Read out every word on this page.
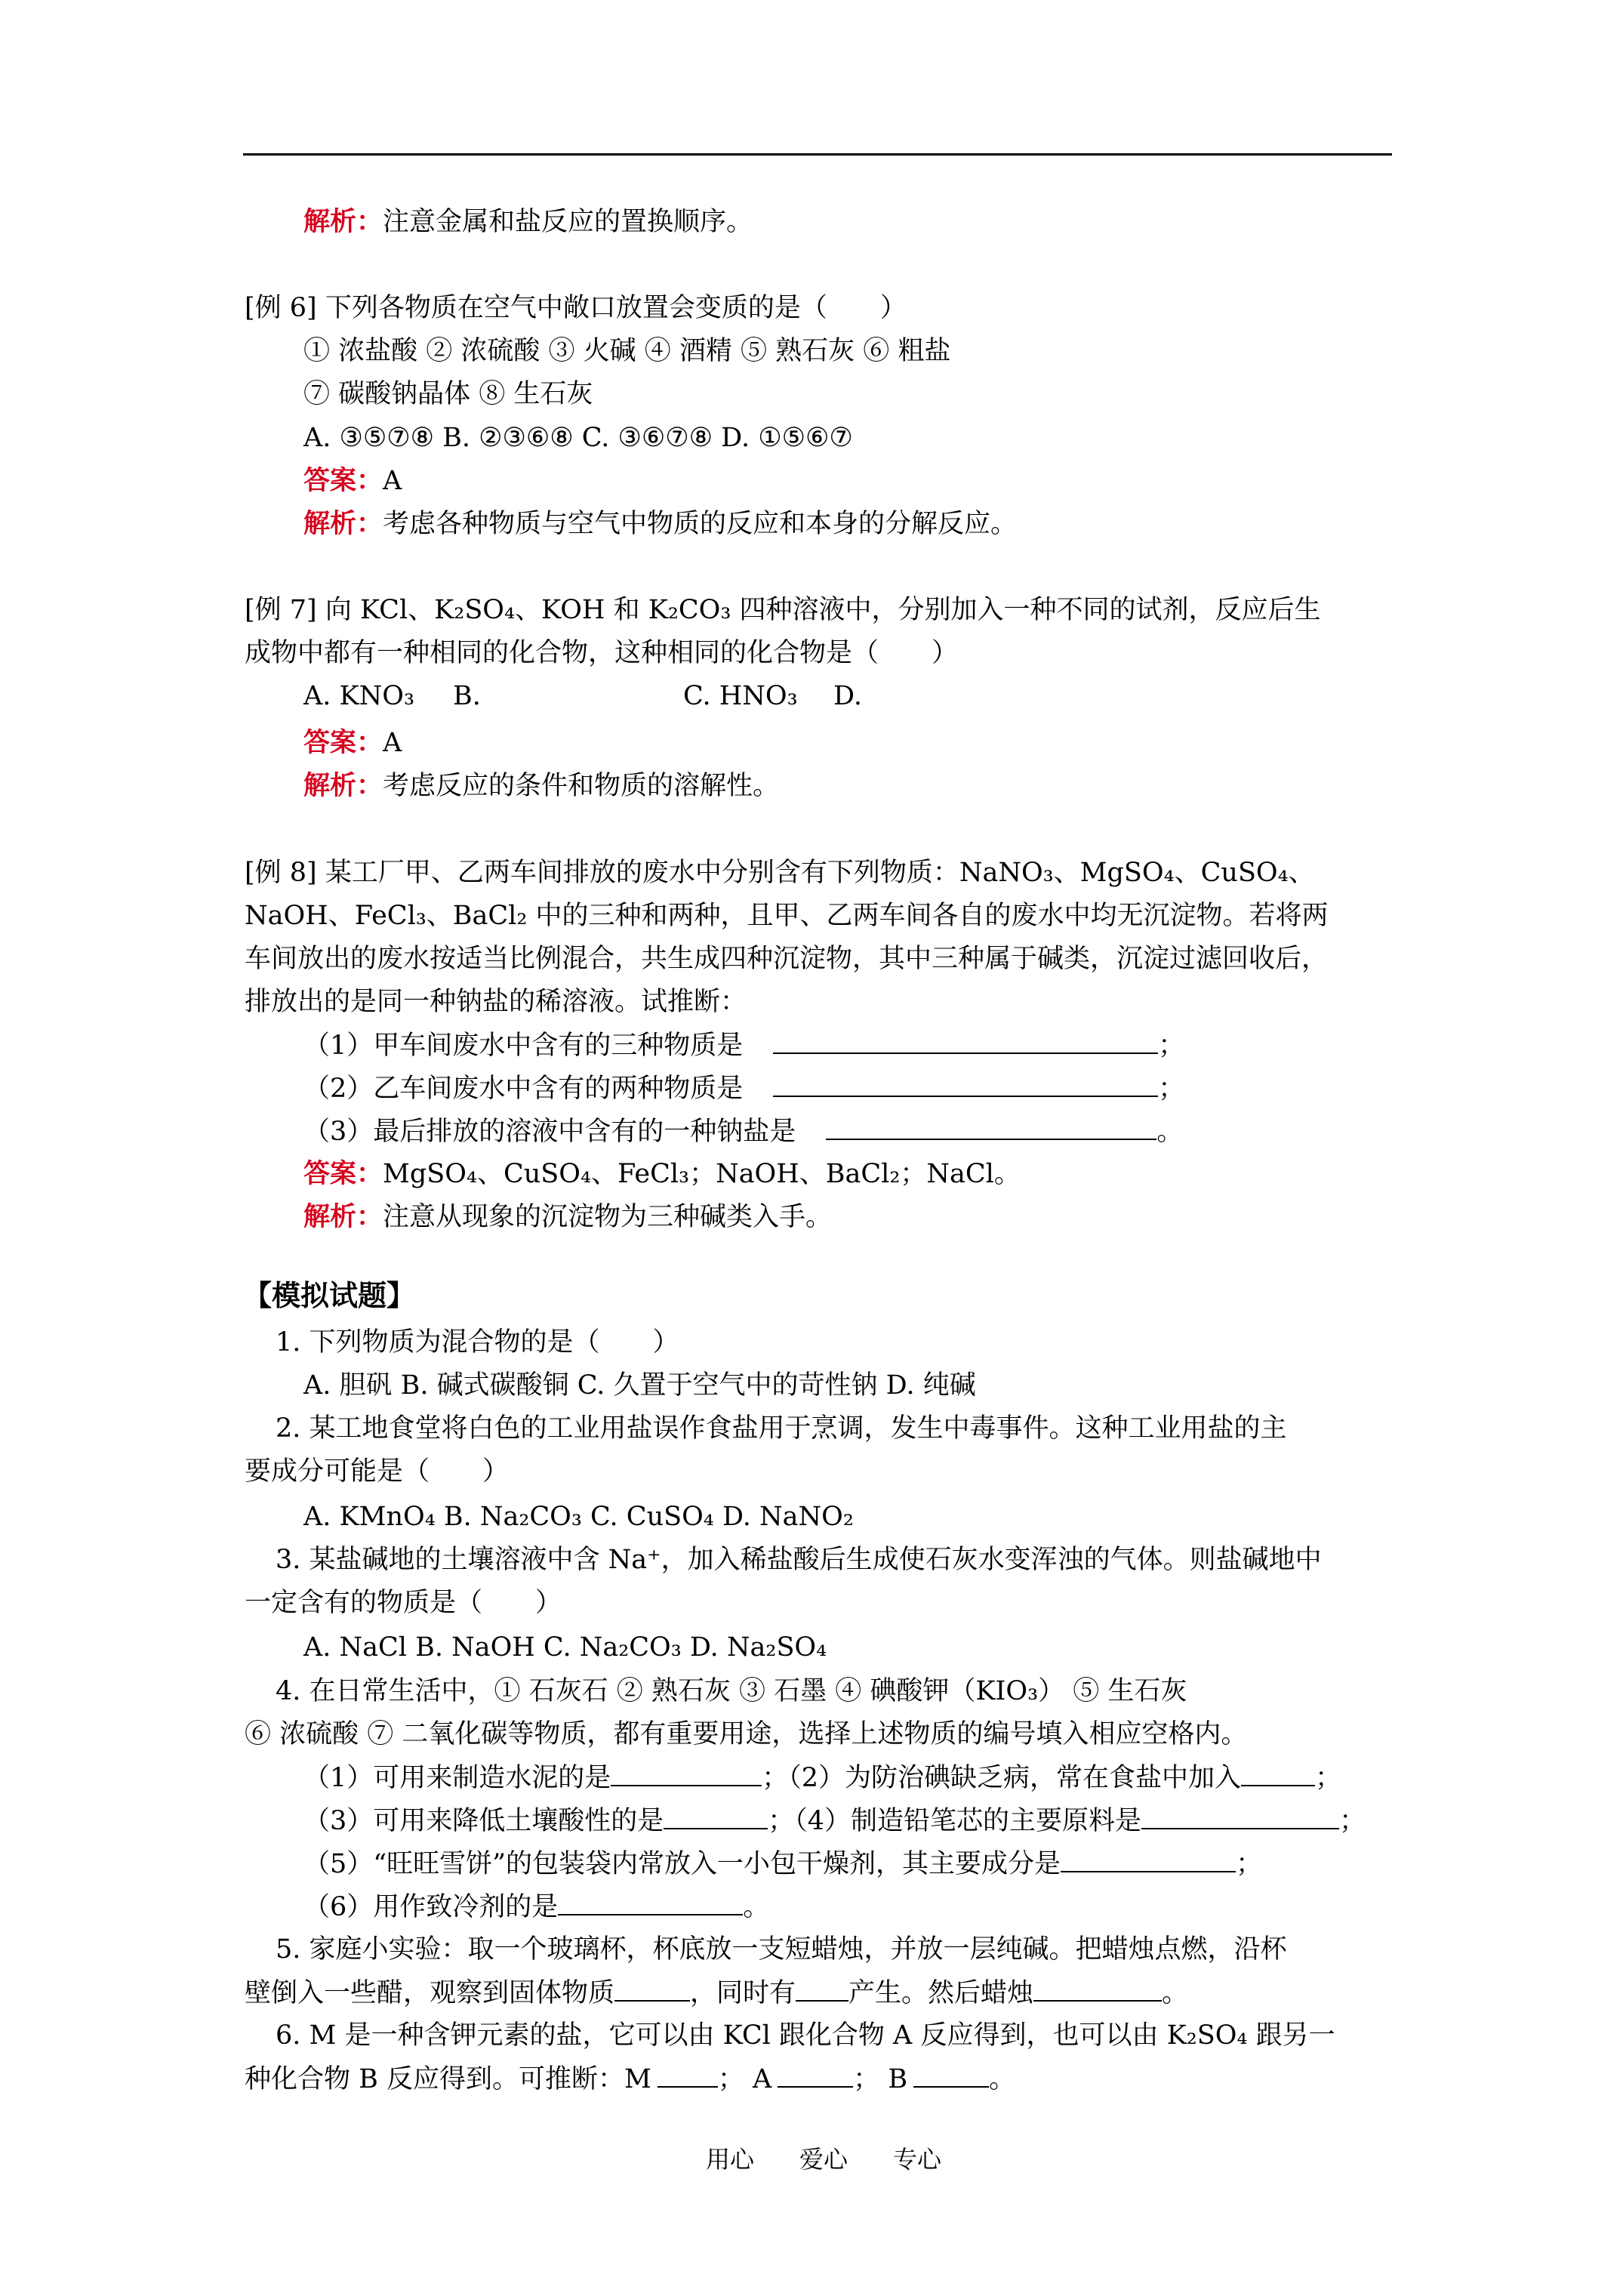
解析：注意金属和盐反应的置换顺序。
[例 6] 下列各物质在空气中敞口放置会变质的是（　　）
① 浓盐酸 ② 浓硫酸 ③ 火碱 ④ 酒精 ⑤ 熟石灰 ⑥ 粗盐
⑦ 碳酸钠晶体 ⑧ 生石灰
A. ③⑤⑦⑧ B. ②③⑥⑧ C. ③⑥⑦⑧ D. ①⑤⑥⑦
答案：A
解析：考虑各种物质与空气中物质的反应和本身的分解反应。
[例 7] 向 KCl、K₂SO₄、KOH 和 K₂CO₃ 四种溶液中，分别加入一种不同的试剂，反应后生
成物中都有一种相同的化合物，这种相同的化合物是（　　）
A. KNO₃ B.	C. HNO₃ D.
答案：A
解析：考虑反应的条件和物质的溶解性。
[例 8] 某工厂甲、乙两车间排放的废水中分别含有下列物质：NaNO₃、MgSO₄、CuSO₄、
NaOH、FeCl₃、BaCl₂ 中的三种和两种，且甲、乙两车间各自的废水中均无沉淀物。若将两
车间放出的废水按适当比例混合，共生成四种沉淀物，其中三种属于碱类，沉淀过滤回收后，
排放出的是同一种钠盐的稀溶液。试推断：
（1）甲车间废水中含有的三种物质是	；
（2）乙车间废水中含有的两种物质是	；
（3）最后排放的溶液中含有的一种钠盐是	。
答案：MgSO₄、CuSO₄、FeCl₃；NaOH、BaCl₂；NaCl。
解析：注意从现象的沉淀物为三种碱类入手。
【模拟试题】
1. 下列物质为混合物的是（　　）
A. 胆矾 B. 碱式碳酸铜 C. 久置于空气中的苛性钠 D. 纯碱
2. 某工地食堂将白色的工业用盐误作食盐用于烹调，发生中毒事件。这种工业用盐的主
要成分可能是（　　）
A. KMnO₄ B. Na₂CO₃ C. CuSO₄ D. NaNO₂
3. 某盐碱地的土壤溶液中含 Na⁺，加入稀盐酸后生成使石灰水变浑浊的气体。则盐碱地中
一定含有的物质是（　　）
A. NaCl B. NaOH C. Na₂CO₃ D. Na₂SO₄
4. 在日常生活中，① 石灰石 ② 熟石灰 ③ 石墨 ④ 碘酸钾（KIO₃） ⑤ 生石灰
⑥ 浓硫酸 ⑦ 二氧化碳等物质，都有重要用途，选择上述物质的编号填入相应空格内。
（1）可用来制造水泥的是	；（2）为防治碘缺乏病，常在食盐中加入	；
（3）可用来降低土壤酸性的是	；（4）制造铅笔芯的主要原料是	；
（5）“旺旺雪饼”的包装袋内常放入一小包干燥剂，其主要成分是	；
（6）用作致冷剂的是	。
5. 家庭小实验：取一个玻璃杯，杯底放一支短蜡烛，并放一层纯碱。把蜡烛点燃，沿杯
壁倒入一些醋，观察到固体物质	，同时有 产生。然后蜡烛	。
6. M 是一种含钾元素的盐，它可以由 KCl 跟化合物 A 反应得到，也可以由 K₂SO₄ 跟另一
种化合物 B 反应得到。可推断：M	； A	； B	。
用心 爱心 专心
